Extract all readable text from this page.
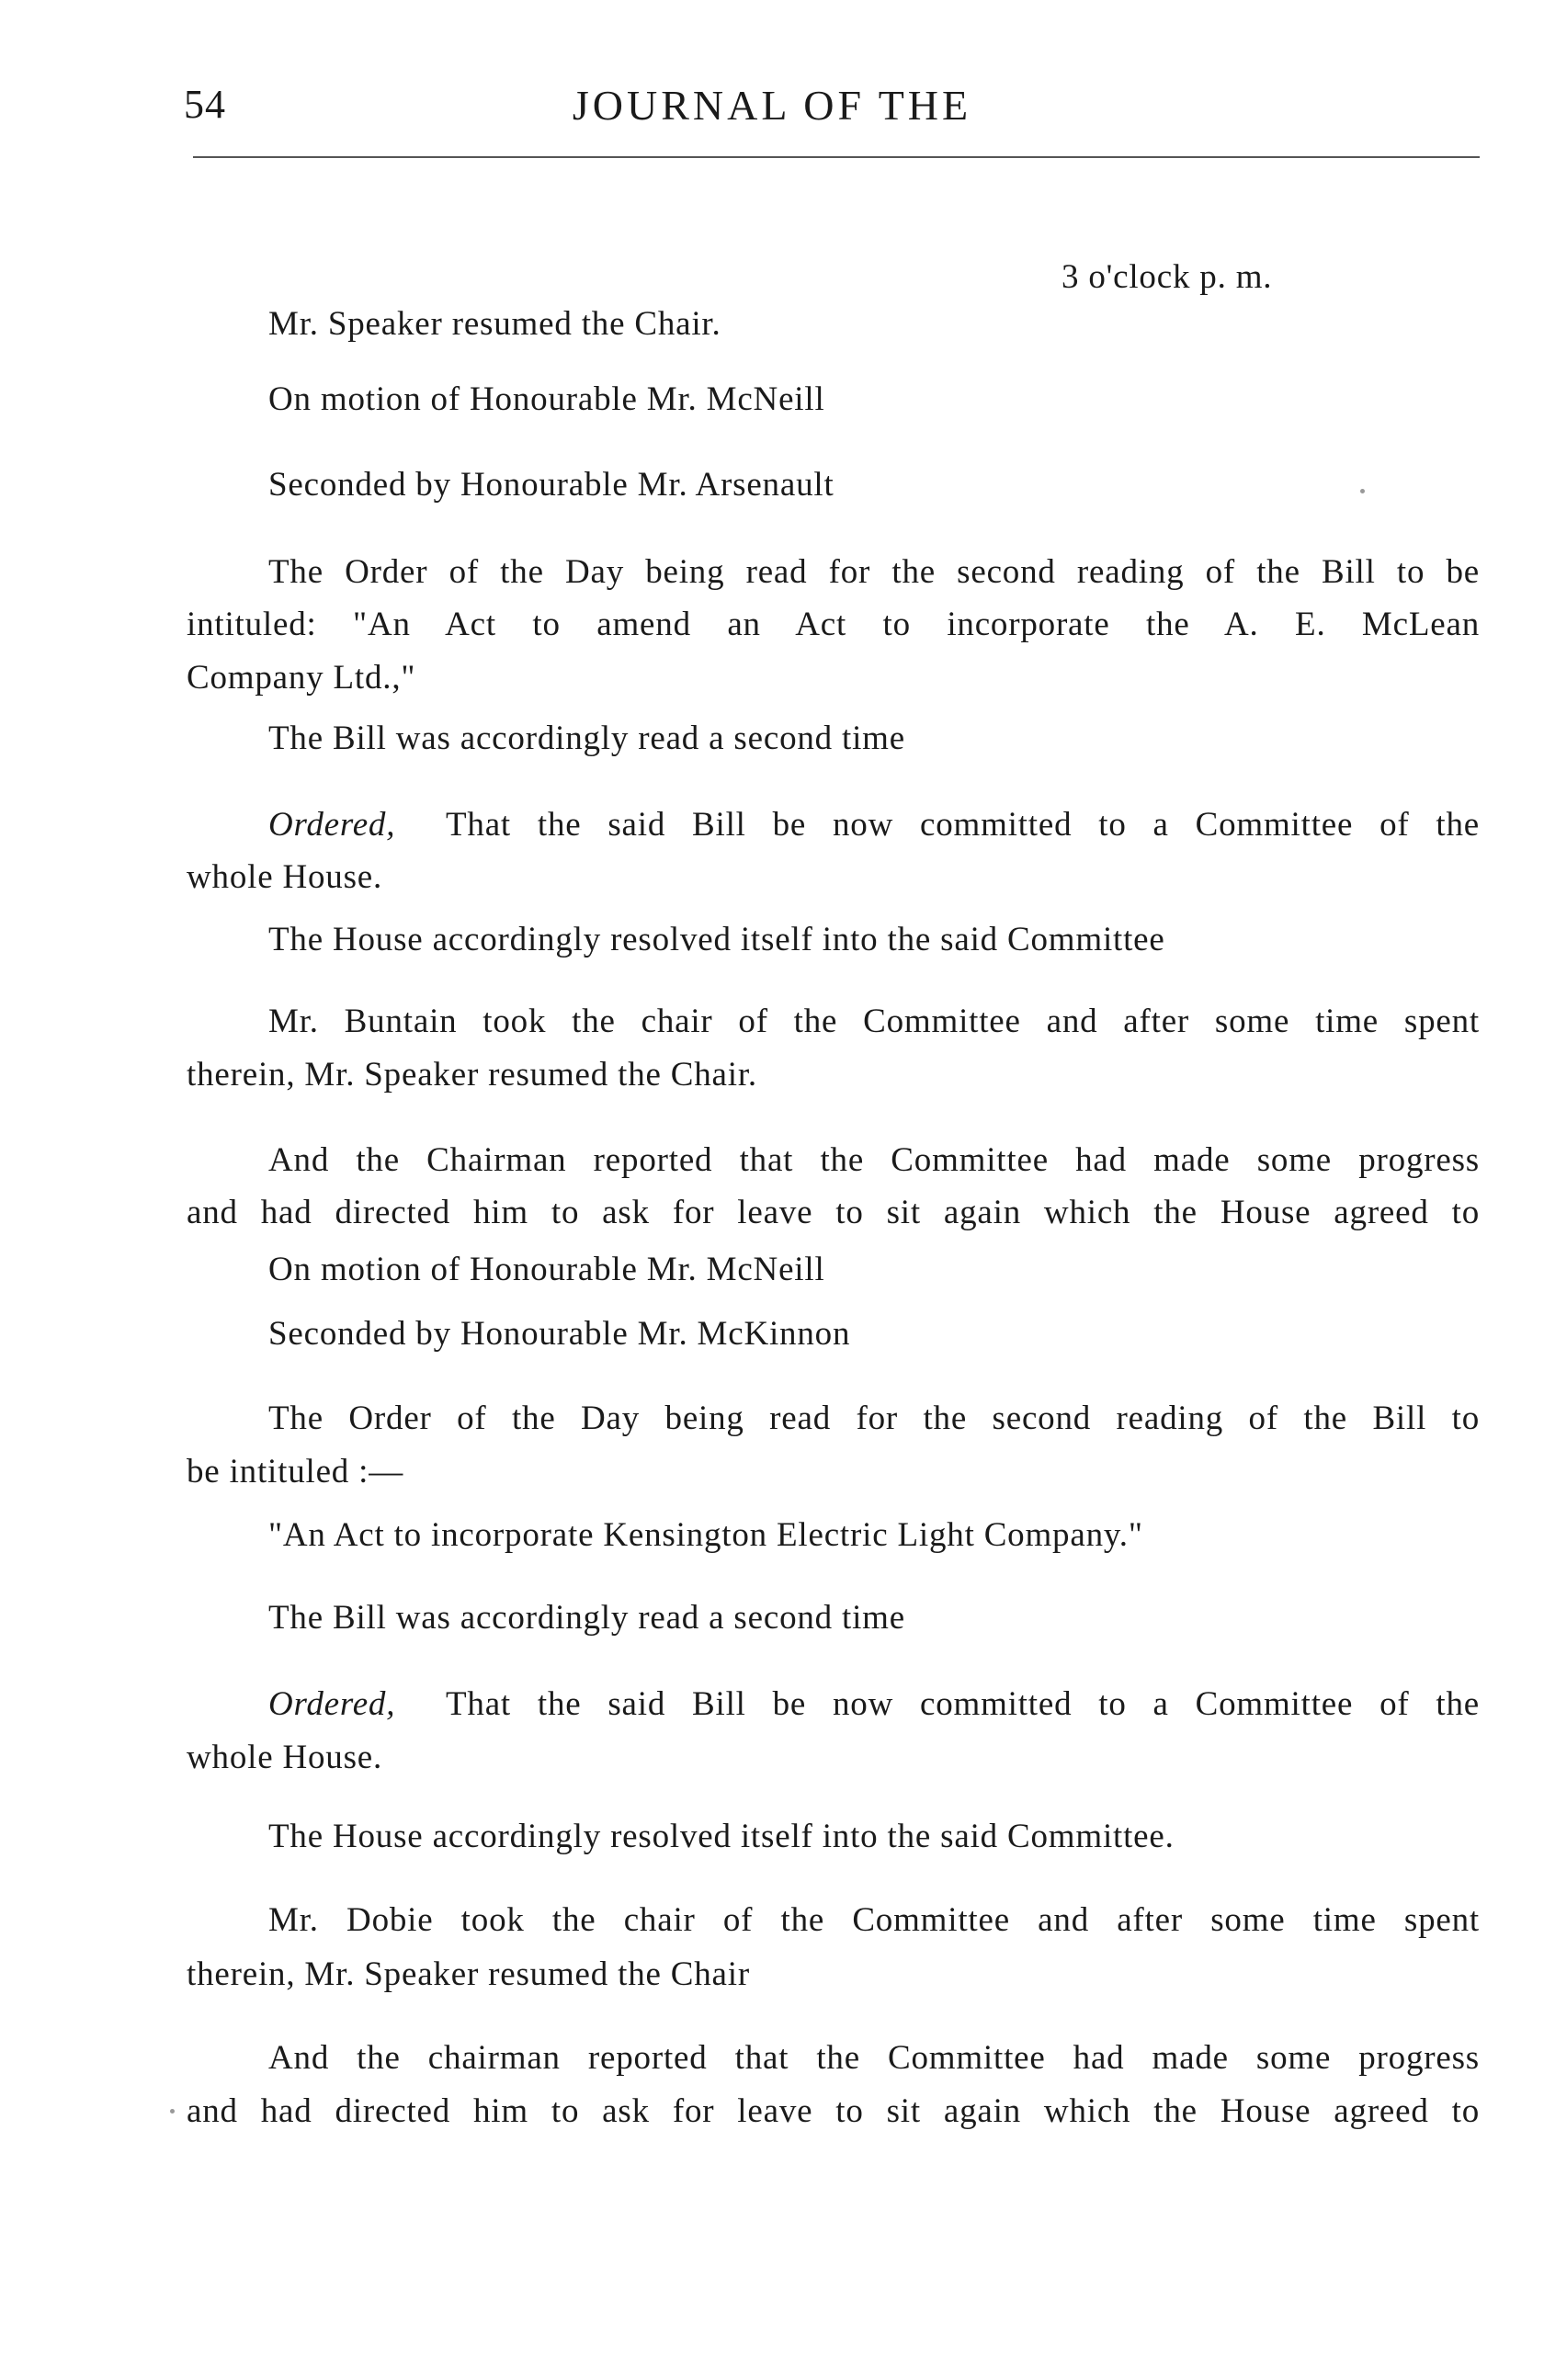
54	JOURNAL OF THE
3 o'clock p. m.
Mr. Speaker resumed the Chair.
On motion of Honourable Mr. McNeill
Seconded by Honourable Mr. Arsenault
The Order of the Day being read for the second reading of the Bill to be
intituled: "An Act to amend an Act to incorporate the A. E. McLean
Company Ltd.,"
The Bill was accordingly read a second time
Ordered, That the said Bill be now committed to a Committee of the
whole House.
The House accordingly resolved itself into the said Committee
Mr. Buntain took the chair of the Committee and after some time spent
therein, Mr. Speaker resumed the Chair.
And the Chairman reported that the Committee had made some progress
and had directed him to ask for leave to sit again which the House agreed to
On motion of Honourable Mr. McNeill
Seconded by Honourable Mr. McKinnon
The Order of the Day being read for the second reading of the Bill to
be intituled :—
"An Act to incorporate Kensington Electric Light Company."
The Bill was accordingly read a second time
Ordered, That the said Bill be now committed to a Committee of the
whole House.
The House accordingly resolved itself into the said Committee.
Mr. Dobie took the chair of the Committee and after some time spent
therein, Mr. Speaker resumed the Chair
And the chairman reported that the Committee had made some progress
and had directed him to ask for leave to sit again which the House agreed to
